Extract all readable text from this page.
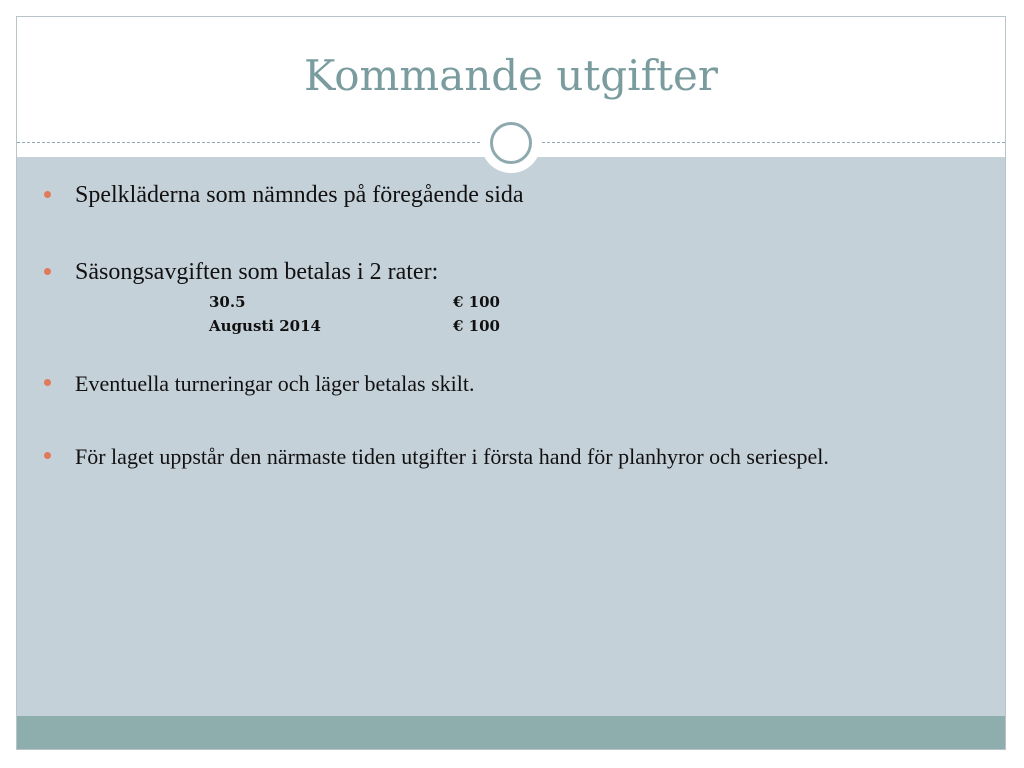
Kommande utgifter
Spelkläderna som nämndes på föregående sida
Säsongsavgiften som betalas i 2 rater:
30.5	€ 100
Augusti 2014	€ 100
Eventuella turneringar och läger betalas skilt.
För laget uppstår den närmaste tiden utgifter i första hand för planhyror och seriespel.
